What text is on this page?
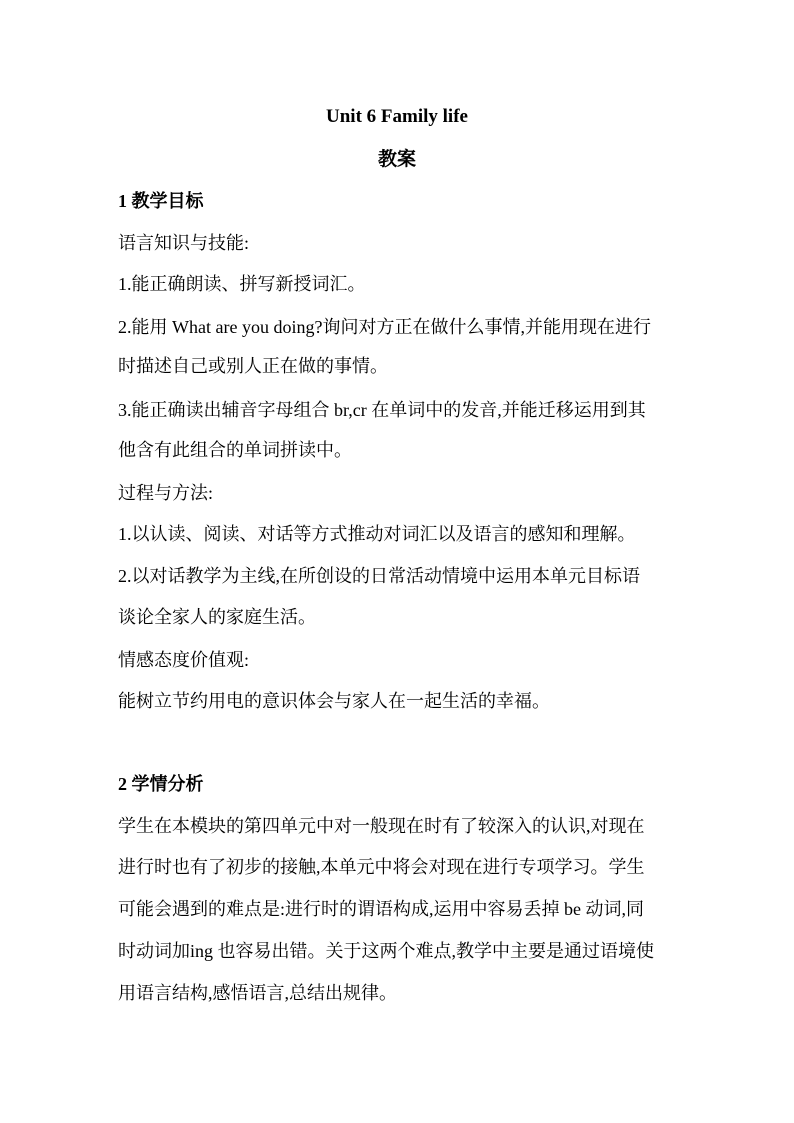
Unit 6 Family life
教案
1 教学目标
语言知识与技能:
1.能正确朗读、拼写新授词汇。
2.能用 What are you doing?询问对方正在做什么事情,并能用现在进行
时描述自己或别人正在做的事情。
3.能正确读出辅音字母组合 br,cr 在单词中的发音,并能迁移运用到其
他含有此组合的单词拼读中。
过程与方法:
1.以认读、阅读、对话等方式推动对词汇以及语言的感知和理解。
2.以对话教学为主线,在所创设的日常活动情境中运用本单元目标语
谈论全家人的家庭生活。
情感态度价值观:
能树立节约用电的意识体会与家人在一起生活的幸福。
2 学情分析
学生在本模块的第四单元中对一般现在时有了较深入的认识,对现在
进行时也有了初步的接触,本单元中将会对现在进行专项学习。学生
可能会遇到的难点是:进行时的谓语构成,运用中容易丢掉 be 动词,同
时动词加ing 也容易出错。关于这两个难点,教学中主要是通过语境使
用语言结构,感悟语言,总结出规律。
